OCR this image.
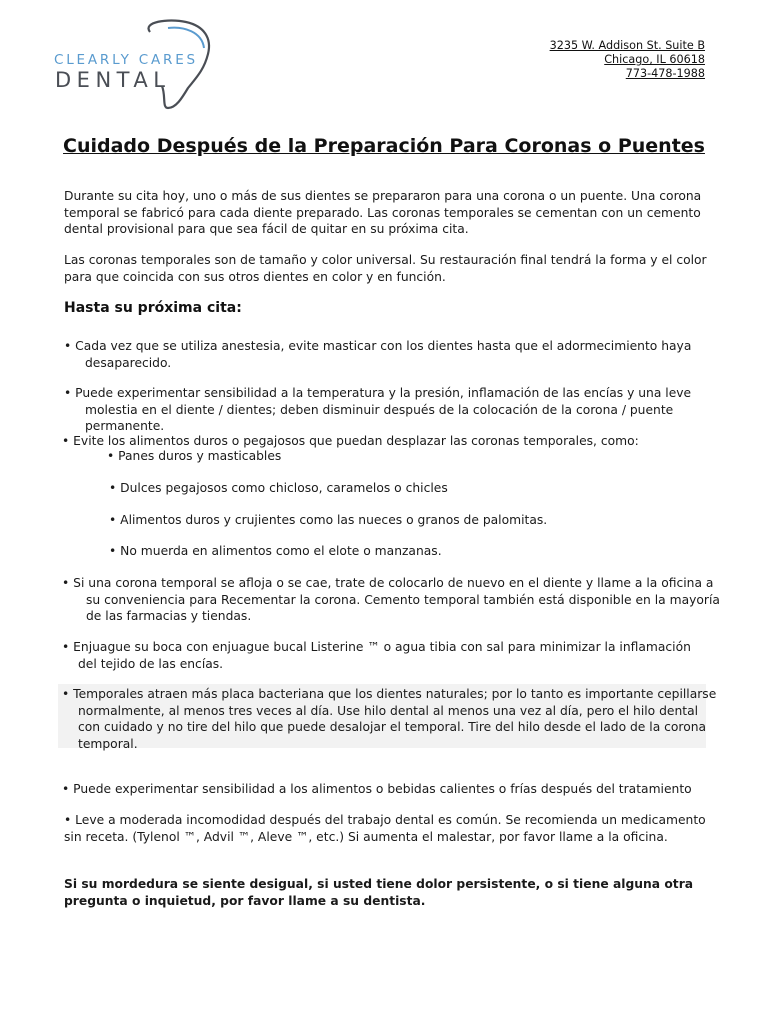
CLEARLY CARES
DENTAL
3235 W. Addison St. Suite B
Chicago, IL 60618
773-478-1988
Cuidado Después de la Preparación Para Coronas o Puentes

Durante su cita hoy, uno o más de sus dientes se prepararon para una corona o un puente. Una corona temporal se fabricó para cada diente preparado. Las coronas temporales se cementan con un cemento dental provisional para que sea fácil de quitar en su próxima cita.

Las coronas temporales son de tamaño y color universal. Su restauración final tendrá la forma y el color para que coincida con sus otros dientes en color y en función.

Hasta su próxima cita:

• Cada vez que se utiliza anestesia, evite masticar con los dientes hasta que el adormecimiento haya desaparecido.

• Puede experimentar sensibilidad a la temperatura y la presión, inflamación de las encías y una leve molestia en el diente / dientes; deben disminuir después de la colocación de la corona / puente permanente.

• Evite los alimentos duros o pegajosos que puedan desplazar las coronas temporales, como:

• Panes duros y masticables

• Dulces pegajosos como chicloso, caramelos o chicles

• Alimentos duros y crujientes como las nueces o granos de palomitas.

• No muerda en alimentos como el elote o manzanas.

• Si una corona temporal se afloja o se cae, trate de colocarlo de nuevo en el diente y llame a la oficina a su conveniencia para Recementar la corona. Cemento temporal también está disponible en la mayoría de las farmacias y tiendas.

• Enjuague su boca con enjuague bucal Listerine ™ o agua tibia con sal para minimizar la inflamación del tejido de las encías.

• Temporales atraen más placa bacteriana que los dientes naturales; por lo tanto es importante cepillarse normalmente, al menos tres veces al día. Use hilo dental al menos una vez al día, pero el hilo dental con cuidado y no tire del hilo que puede desalojar el temporal. Tire del hilo desde el lado de la corona temporal.

• Puede experimentar sensibilidad a los alimentos o bebidas calientes o frías después del tratamiento

• Leve a moderada incomodidad después del trabajo dental es común. Se recomienda un medicamento sin receta. (Tylenol ™, Advil ™, Aleve ™, etc.) Si aumenta el malestar, por favor llame a la oficina.

Si su mordedura se siente desigual, si usted tiene dolor persistente, o si tiene alguna otra pregunta o inquietud, por favor llame a su dentista.
